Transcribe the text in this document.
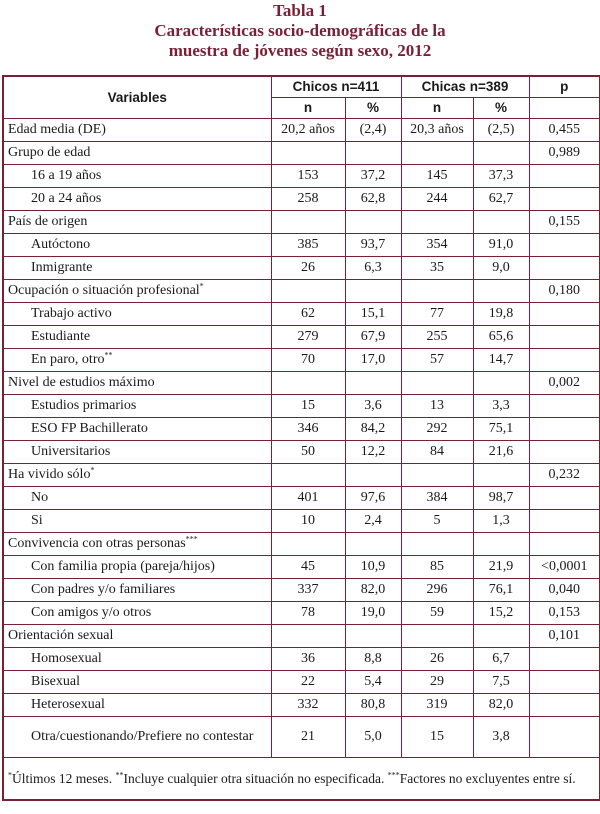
Tabla 1
Características socio-demográficas de la
muestra de jóvenes según sexo, 2012
Variables	Chicos n=411		Chicas n=389		p
	n	%	n	%	
Edad media (DE)	20,2 años	(2,4)	20,3 años	(2,5)	0,455
Grupo de edad					0,989
16 a 19 años	153	37,2	145	37,3	
20 a 24 años	258	62,8	244	62,7	
País de origen					0,155
Autóctono	385	93,7	354	91,0	
Inmigrante	26	6,3	35	9,0	
Ocupación o situación profesional*					0,180
Trabajo activo	62	15,1	77	19,8	
Estudiante	279	67,9	255	65,6	
En paro, otro**	70	17,0	57	14,7	
Nivel de estudios máximo					0,002
Estudios primarios	15	3,6	13	3,3	
ESO FP Bachillerato	346	84,2	292	75,1	
Universitarios	50	12,2	84	21,6	
Ha vivido sólo*					0,232
No	401	97,6	384	98,7	
Si	10	2,4	5	1,3	
Convivencia con otras personas***					
Con familia propia (pareja/hijos)	45	10,9	85	21,9	<0,0001
Con padres y/o familiares	337	82,0	296	76,1	0,040
Con amigos y/o otros	78	19,0	59	15,2	0,153
Orientación sexual					0,101
Homosexual	36	8,8	26	6,7	
Bisexual	22	5,4	29	7,5	
Heterosexual	332	80,8	319	82,0	
Otra/cuestionando/Prefiere no contestar	21	5,0	15	3,8	
*Últimos 12 meses. **Incluye cualquier otra situación no especificada. ***Factores no excluyentes entre sí.					
